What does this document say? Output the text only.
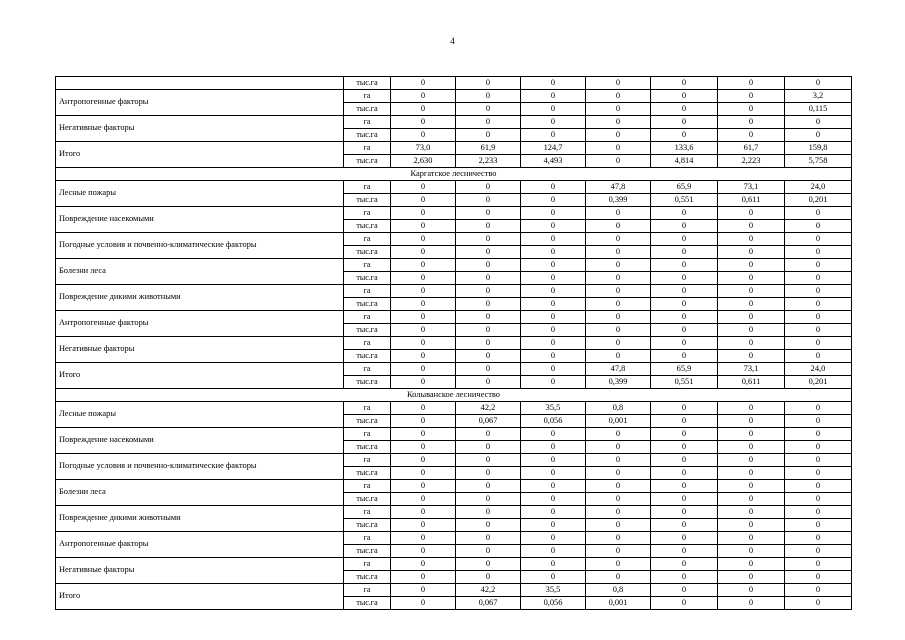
4
	тыс.га	0	0	0	0	0	0	0
Антропогенные факторы	га	0	0	0	0	0	0	3,2
	тыс.га	0	0	0	0	0	0	0,115
Негативные факторы	га	0	0	0	0	0	0	0
	тыс.га	0	0	0	0	0	0	0
Итого	га	73,0	61,9	124,7	0	133,6	61,7	159,8
	тыс.га	2,630	2,233	4,493	0	4,814	2,223	5,758
Каргатское лесничество								
Лесные пожары	га	0	0	0	47,8	65,9	73,1	24,0
	тыс.га	0	0	0	0,399	0,551	0,611	0,201
Повреждение насекомыми	га	0	0	0	0	0	0	0
	тыс.га	0	0	0	0	0	0	0
Погодные условия и почвенно-климатические факторы	га	0	0	0	0	0	0	0
	тыс.га	0	0	0	0	0	0	0
Болезни леса	га	0	0	0	0	0	0	0
	тыс.га	0	0	0	0	0	0	0
Повреждение дикими животными	га	0	0	0	0	0	0	0
	тыс.га	0	0	0	0	0	0	0
Антропогенные факторы	га	0	0	0	0	0	0	0
	тыс.га	0	0	0	0	0	0	0
Негативные факторы	га	0	0	0	0	0	0	0
	тыс.га	0	0	0	0	0	0	0
Итого	га	0	0	0	47,8	65,9	73,1	24,0
	тыс.га	0	0	0	0,399	0,551	0,611	0,201
Колыванское лесничество								
Лесные пожары	га	0	42,2	35,5	0,8	0	0	0
	тыс.га	0	0,067	0,056	0,001	0	0	0
Повреждение насекомыми	га	0	0	0	0	0	0	0
	тыс.га	0	0	0	0	0	0	0
Погодные условия и почвенно-климатические факторы	га	0	0	0	0	0	0	0
	тыс.га	0	0	0	0	0	0	0
Болезни леса	га	0	0	0	0	0	0	0
	тыс.га	0	0	0	0	0	0	0
Повреждение дикими животными	га	0	0	0	0	0	0	0
	тыс.га	0	0	0	0	0	0	0
Антропогенные факторы	га	0	0	0	0	0	0	0
	тыс.га	0	0	0	0	0	0	0
Негативные факторы	га	0	0	0	0	0	0	0
	тыс.га	0	0	0	0	0	0	0
Итого	га	0	42,2	35,5	0,8	0	0	0
	тыс.га	0	0,067	0,056	0,001	0	0	0
